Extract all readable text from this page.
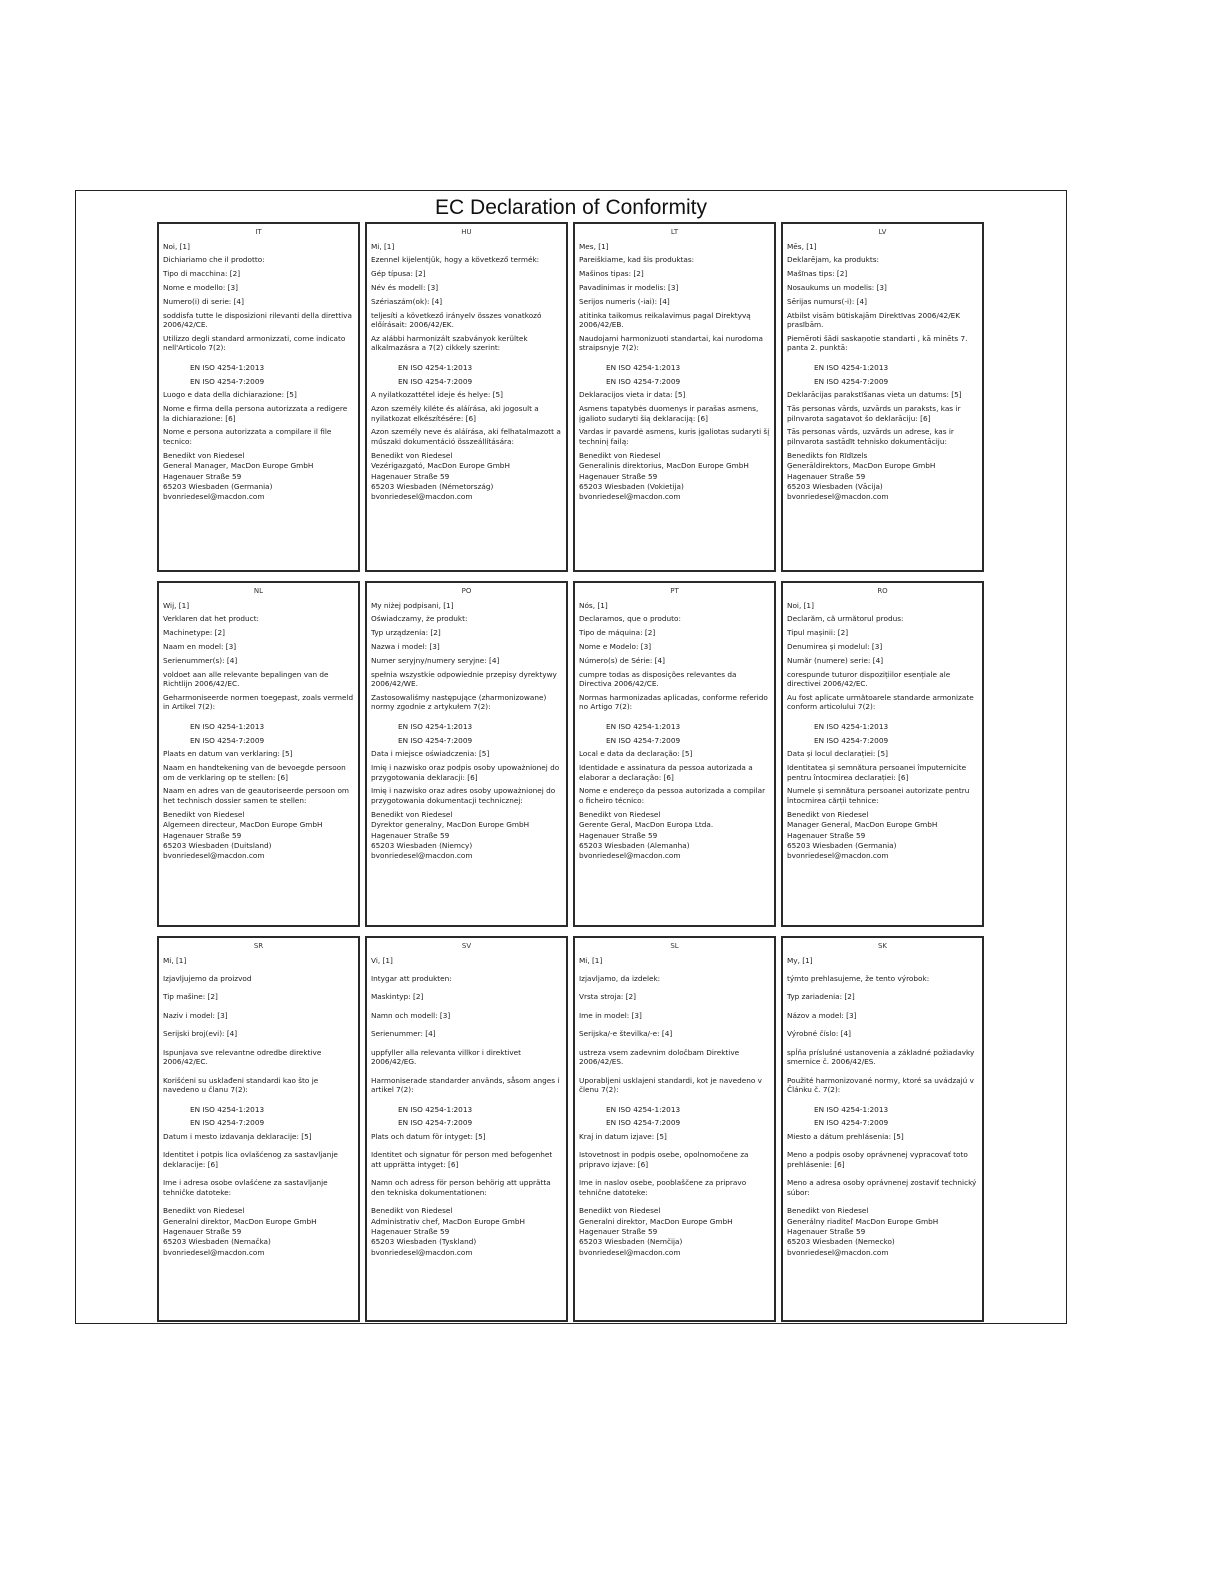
EC Declaration of Conformity
IT
Noi, [1]
Dichiariamo che il prodotto:
Tipo di macchina: [2]
Nome e modello: [3]
Numero(i) di serie: [4]
soddisfa tutte le disposizioni rilevanti della direttiva 2006/42/CE.
Utilizzo degli standard armonizzati, come indicato nell'Articolo 7(2):
EN ISO 4254-1:2013
EN ISO 4254-7:2009
Luogo e data della dichiarazione: [5]
Nome e firma della persona autorizzata a redigere la dichiarazione: [6]
Nome e persona autorizzata a compilare il file tecnico:
Benedikt von Riedesel
General Manager, MacDon Europe GmbH
Hagenauer Straße 59
65203 Wiesbaden (Germania)
bvonriedesel@macdon.com
HU
Mi, [1]
Ezennel kijelentjük, hogy a következő termék:
Gép típusa: [2]
Név és modell: [3]
Szériaszám(ok): [4]
teljesíti a következő irányelv összes vonatkozó előírásait: 2006/42/EK.
Az alábbi harmonizált szabványok kerültek alkalmazásra a 7(2) cikkely szerint:
EN ISO 4254-1:2013
EN ISO 4254-7:2009
A nyilatkozattétel ideje és helye: [5]
Azon személy kiléte és aláírása, aki jogosult a nyilatkozat elkészítésére: [6]
Azon személy neve és aláírása, aki felhatalmazott a műszaki dokumentáció összeállítására:
Benedikt von Riedesel
Vezérigazgató, MacDon Europe GmbH
Hagenauer Straße 59
65203 Wiesbaden (Németország)
bvonriedesel@macdon.com
LT
Mes, [1]
Pareiškiame, kad šis produktas:
Mašinos tipas: [2]
Pavadinimas ir modelis: [3]
Serijos numeris (-iai): [4]
atitinka taikomus reikalavimus pagal Direktyvą 2006/42/EB.
Naudojami harmonizuoti standartai, kai nurodoma straipsnyje 7(2):
EN ISO 4254-1:2013
EN ISO 4254-7:2009
Deklaracijos vieta ir data: [5]
Asmens tapatybės duomenys ir parašas asmens, įgalioto sudaryti šią deklaraciją: [6]
Vardas ir pavardė asmens, kuris įgaliotas sudaryti šį techninį failą:
Benedikt von Riedesel
Generalinis direktorius, MacDon Europe GmbH
Hagenauer Straße 59
65203 Wiesbaden (Vokietija)
bvonriedesel@macdon.com
LV
Mēs, [1]
Deklarējam, ka produkts:
Mašīnas tips: [2]
Nosaukums un modelis: [3]
Sērijas numurs(-i): [4]
Atbilst visām būtiskajām Direktīvas 2006/42/EK prasībām.
Piemēroti šādi saskaņotie standarti , kā minēts 7. panta 2. punktā:
EN ISO 4254-1:2013
EN ISO 4254-7:2009
Deklarācijas parakstīšanas vieta un datums: [5]
Tās personas vārds, uzvārds un paraksts, kas ir pilnvarota sagatavot šo deklarāciju: [6]
Tās personas vārds, uzvārds un adrese, kas ir pilnvarota sastādīt tehnisko dokumentāciju:
Benedikts fon Rīdīzels
Ģenerāldirektors, MacDon Europe GmbH
Hagenauer Straße 59
65203 Wiesbaden (Vācija)
bvonriedesel@macdon.com
NL
Wij, [1]
Verklaren dat het product:
Machinetype: [2]
Naam en model: [3]
Serienummer(s): [4]
voldoet aan alle relevante bepalingen van de Richtlijn 2006/42/EC.
Geharmoniseerde normen toegepast, zoals vermeld in Artikel 7(2):
EN ISO 4254-1:2013
EN ISO 4254-7:2009
Plaats en datum van verklaring: [5]
Naam en handtekening van de bevoegde persoon om de verklaring op te stellen: [6]
Naam en adres van de geautoriseerde persoon om het technisch dossier samen te stellen:
Benedikt von Riedesel
Algemeen directeur, MacDon Europe GmbH
Hagenauer Straße 59
65203 Wiesbaden (Duitsland)
bvonriedesel@macdon.com
PO
My niżej podpisani, [1]
Oświadczamy, że produkt:
Typ urządzenia: [2]
Nazwa i model: [3]
Numer seryjny/numery seryjne: [4]
spełnia wszystkie odpowiednie przepisy dyrektywy 2006/42/WE.
Zastosowaliśmy następujące (zharmonizowane) normy zgodnie z artykułem 7(2):
EN ISO 4254-1:2013
EN ISO 4254-7:2009
Data i miejsce oświadczenia: [5]
Imię i nazwisko oraz podpis osoby upoważnionej do przygotowania deklaracji: [6]
Imię i nazwisko oraz adres osoby upoważnionej do przygotowania dokumentacji technicznej:
Benedikt von Riedesel
Dyrektor generalny, MacDon Europe GmbH
Hagenauer Straße 59
65203 Wiesbaden (Niemcy)
bvonriedesel@macdon.com
PT
Nós, [1]
Declaramos, que o produto:
Tipo de máquina: [2]
Nome e Modelo: [3]
Número(s) de Série: [4]
cumpre todas as disposições relevantes da Directiva 2006/42/CE.
Normas harmonizadas aplicadas, conforme referido no Artigo 7(2):
EN ISO 4254-1:2013
EN ISO 4254-7:2009
Local e data da declaração: [5]
Identidade e assinatura da pessoa autorizada a elaborar a declaração: [6]
Nome e endereço da pessoa autorizada a compilar o ficheiro técnico:
Benedikt von Riedesel
Gerente Geral, MacDon Europa Ltda.
Hagenauer Straße 59
65203 Wiesbaden (Alemanha)
bvonriedesel@macdon.com
RO
Noi, [1]
Declarăm, că următorul produs:
Tipul mașinii: [2]
Denumirea și modelul: [3]
Număr (numere) serie: [4]
corespunde tuturor dispozițiilor esențiale ale directivei 2006/42/EC.
Au fost aplicate următoarele standarde armonizate conform articolului 7(2):
EN ISO 4254-1:2013
EN ISO 4254-7:2009
Data și locul declarației: [5]
Identitatea și semnătura persoanei împuternicite pentru întocmirea declarației: [6]
Numele și semnătura persoanei autorizate pentru întocmirea cărții tehnice:
Benedikt von Riedesel
Manager General, MacDon Europe GmbH
Hagenauer Straße 59
65203 Wiesbaden (Germania)
bvonriedesel@macdon.com
SR
Mi, [1]
Izjavljujemo da proizvod
Tip mašine: [2]
Naziv i model: [3]
Serijski broj(evi): [4]
Ispunjava sve relevantne odredbe direktive 2006/42/EC.
Korišćeni su usklađeni standardi kao što je navedeno u članu 7(2):
EN ISO 4254-1:2013
EN ISO 4254-7:2009
Datum i mesto izdavanja deklaracije: [5]
Identitet i potpis lica ovlašćenog za sastavljanje deklaracije: [6]
Ime i adresa osobe ovlašćene za sastavljanje tehničke datoteke:
Benedikt von Riedesel
Generalni direktor, MacDon Europe GmbH
Hagenauer Straße 59
65203 Wiesbaden (Nemačka)
bvonriedesel@macdon.com
SV
Vi, [1]
Intygar att produkten:
Maskintyp: [2]
Namn och modell: [3]
Serienummer: [4]
uppfyller alla relevanta villkor i direktivet 2006/42/EG.
Harmoniserade standarder används, såsom anges i artikel 7(2):
EN ISO 4254-1:2013
EN ISO 4254-7:2009
Plats och datum för intyget: [5]
Identitet och signatur för person med befogenhet att upprätta intyget: [6]
Namn och adress för person behörig att upprätta den tekniska dokumentationen:
Benedikt von Riedesel
Administrativ chef, MacDon Europe GmbH
Hagenauer Straße 59
65203 Wiesbaden (Tyskland)
bvonriedesel@macdon.com
SL
Mi, [1]
Izjavljamo, da izdelek:
Vrsta stroja: [2]
Ime in model: [3]
Serijska/-e številka/-e: [4]
ustreza vsem zadevnim določbam Direktive 2006/42/ES.
Uporabljeni usklajeni standardi, kot je navedeno v členu 7(2):
EN ISO 4254-1:2013
EN ISO 4254-7:2009
Kraj in datum izjave: [5]
Istovetnost in podpis osebe, opolnomočene za pripravo izjave: [6]
Ime in naslov osebe, pooblaščene za pripravo tehnične datoteke:
Benedikt von Riedesel
Generalni direktor, MacDon Europe GmbH
Hagenauer Straße 59
65203 Wiesbaden (Nemčija)
bvonriedesel@macdon.com
SK
My, [1]
týmto prehlasujeme, že tento výrobok:
Typ zariadenia: [2]
Názov a model: [3]
Výrobné číslo: [4]
spĺňa príslušné ustanovenia a základné požiadavky smernice č. 2006/42/ES.
Použité harmonizované normy, ktoré sa uvádzajú v Článku č. 7(2):
EN ISO 4254-1:2013
EN ISO 4254-7:2009
Miesto a dátum prehlásenia: [5]
Meno a podpis osoby oprávnenej vypracovať toto prehlásenie: [6]
Meno a adresa osoby oprávnenej zostaviť technický súbor:
Benedikt von Riedesel
Generálny riaditeľ MacDon Europe GmbH
Hagenauer Straße 59
65203 Wiesbaden (Nemecko)
bvonriedesel@macdon.com
